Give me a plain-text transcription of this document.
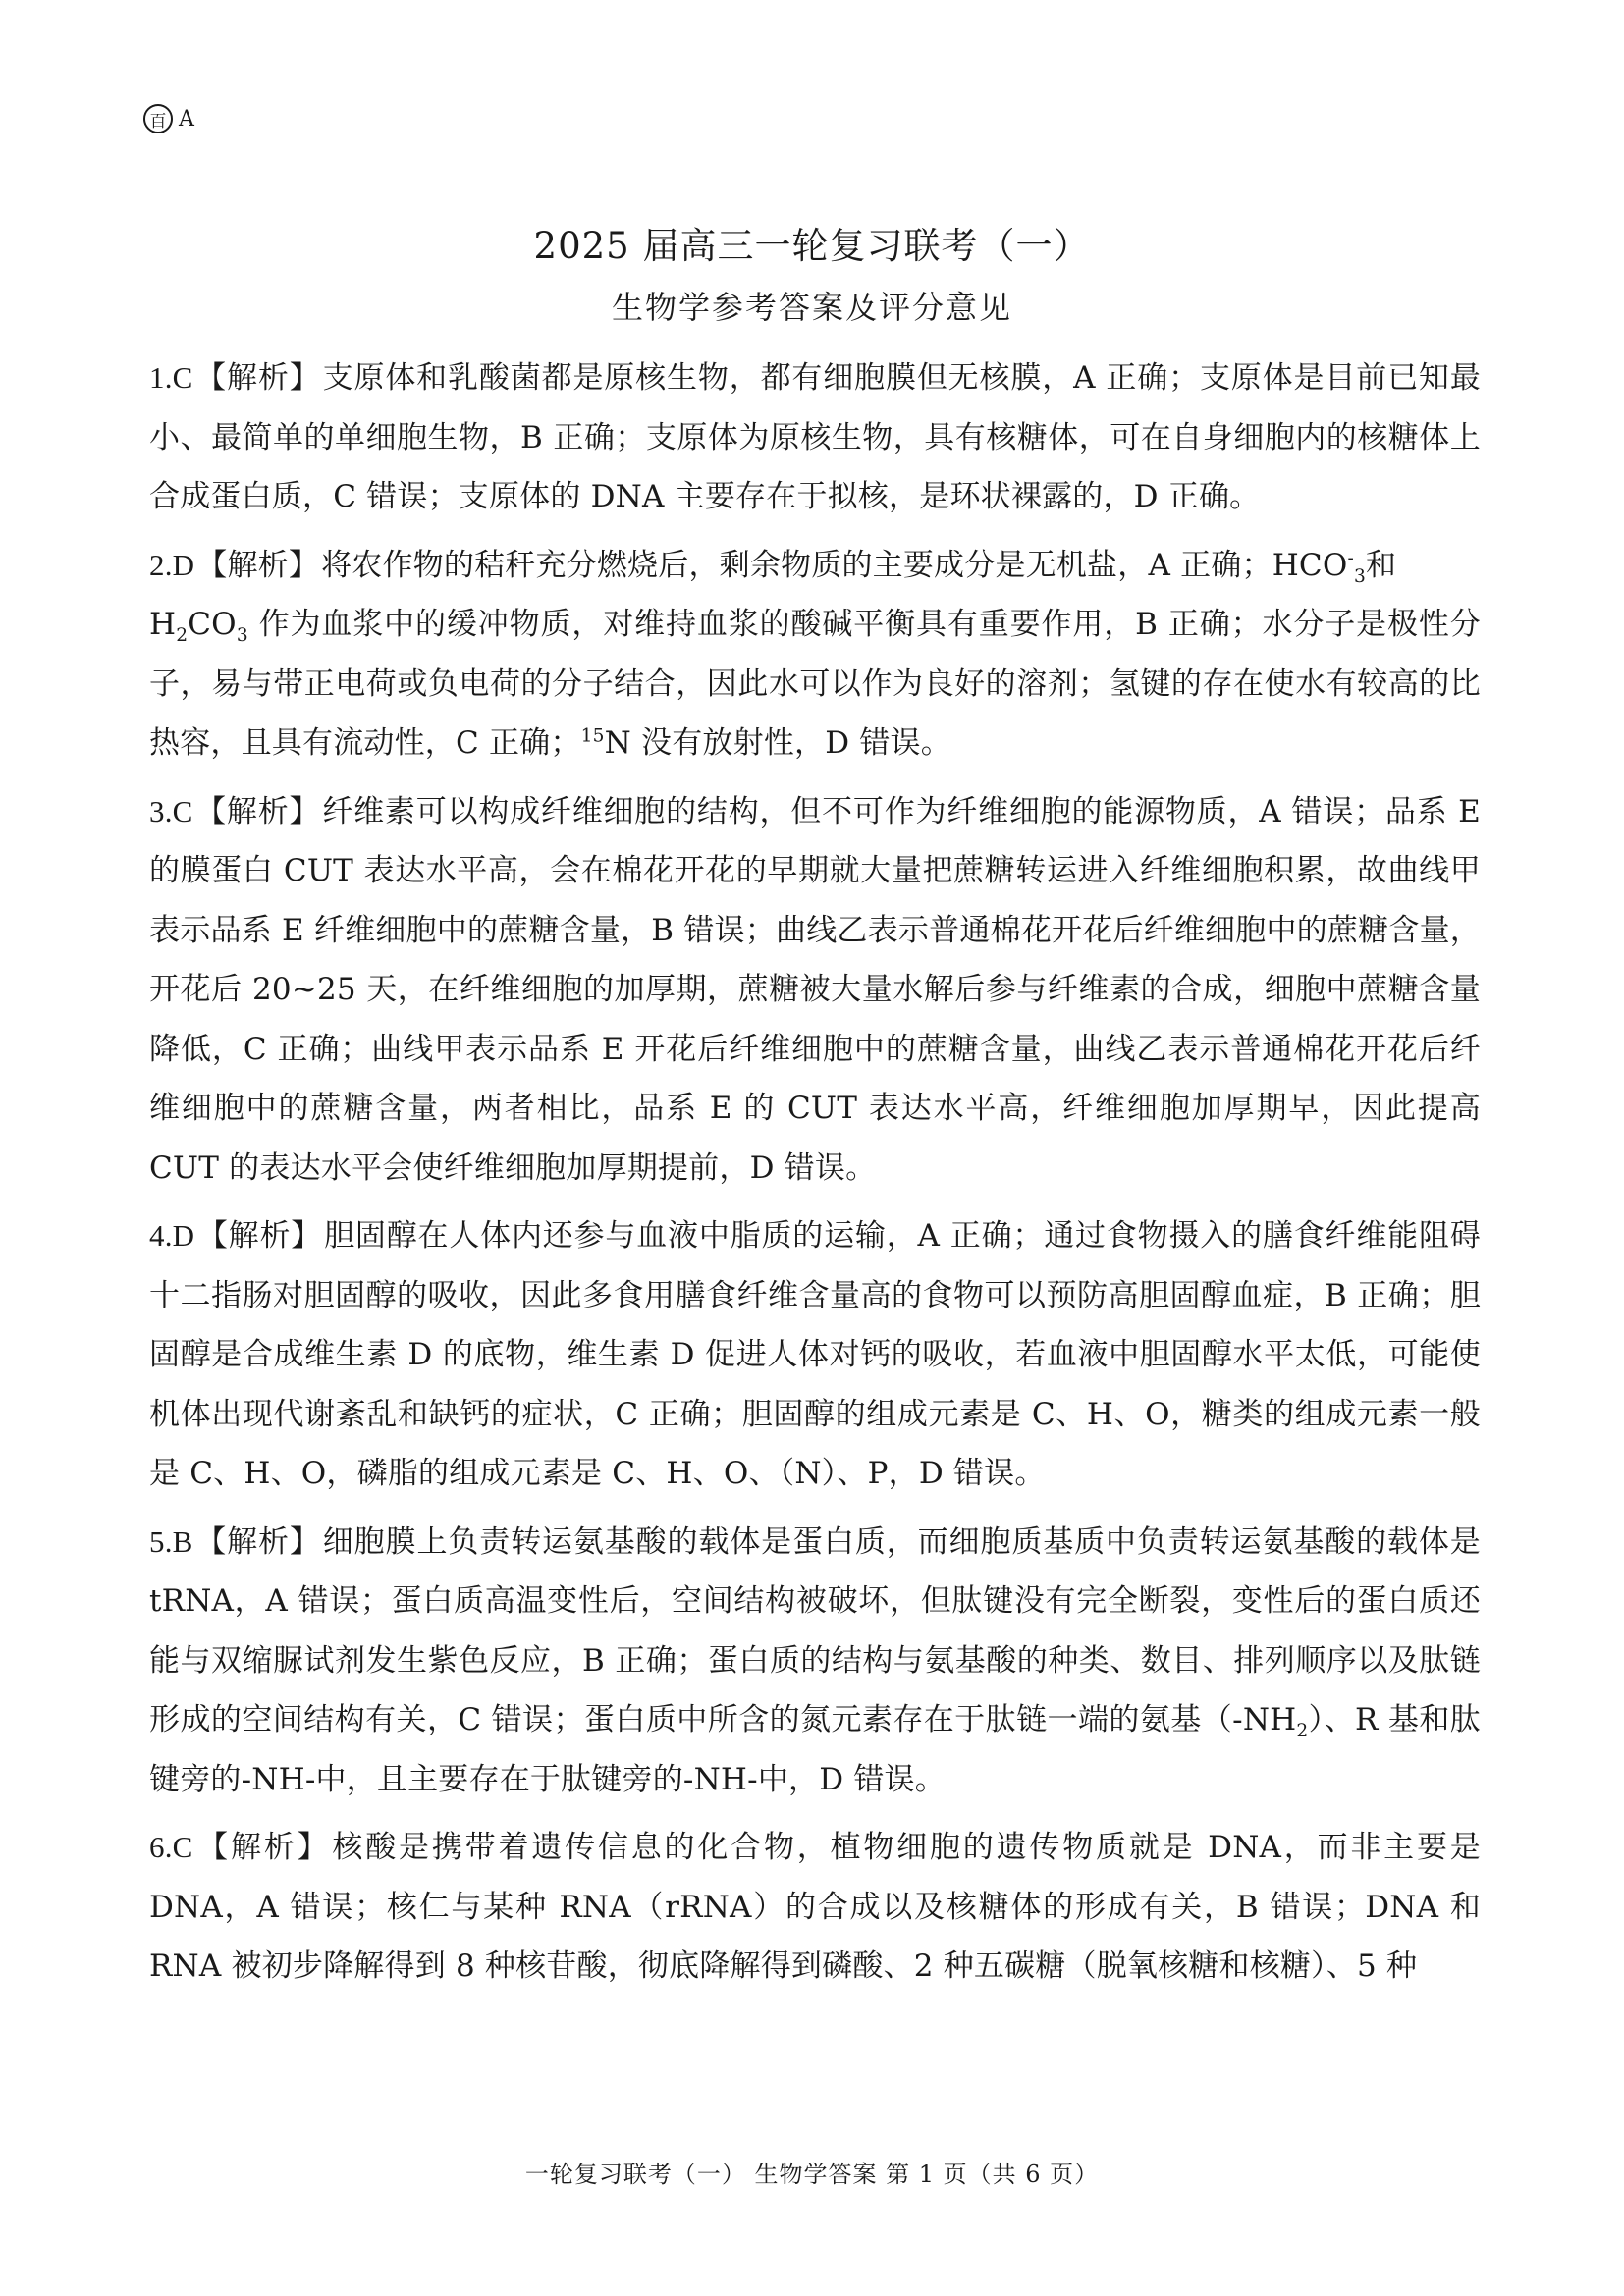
百 A
2025 届高三一轮复习联考（一）
生物学参考答案及评分意见

1.C【解析】支原体和乳酸菌都是原核生物，都有细胞膜但无核膜，A 正确；支原体是目前已知最小、最简单的单细胞生物，B 正确；支原体为原核生物，具有核糖体，可在自身细胞内的核糖体上合成蛋白质，C 错误；支原体的 DNA 主要存在于拟核，是环状裸露的，D 正确。

2.D【解析】将农作物的秸秆充分燃烧后，剩余物质的主要成分是无机盐，A 正确；$HCO^-_3$和
$H_2CO_3$ 作为血浆中的缓冲物质，对维持血浆的酸碱平衡具有重要作用，B 正确；水分子是极性分子，易与带正电荷或负电荷的分子结合，因此水可以作为良好的溶剂；氢键的存在使水有较高的比热容，且具有流动性，C 正确；$^{15}$N 没有放射性，D 错误。

3.C【解析】纤维素可以构成纤维细胞的结构，但不可作为纤维细胞的能源物质，A 错误；品系 E 的膜蛋白 CUT 表达水平高，会在棉花开花的早期就大量把蔗糖转运进入纤维细胞积累，故曲线甲表示品系 E 纤维细胞中的蔗糖含量，B 错误；曲线乙表示普通棉花开花后纤维细胞中的蔗糖含量，开花后 20~25 天，在纤维细胞的加厚期，蔗糖被大量水解后参与纤维素的合成，细胞中蔗糖含量降低，C 正确；曲线甲表示品系 E 开花后纤维细胞中的蔗糖含量，曲线乙表示普通棉花开花后纤维细胞中的蔗糖含量，两者相比，品系 E 的 CUT 表达水平高，纤维细胞加厚期早，因此提高 CUT 的表达水平会使纤维细胞加厚期提前，D 错误。

4.D【解析】胆固醇在人体内还参与血液中脂质的运输，A 正确；通过食物摄入的膳食纤维能阻碍十二指肠对胆固醇的吸收，因此多食用膳食纤维含量高的食物可以预防高胆固醇血症，B 正确；胆固醇是合成维生素 D 的底物，维生素 D 促进人体对钙的吸收，若血液中胆固醇水平太低，可能使机体出现代谢紊乱和缺钙的症状，C 正确；胆固醇的组成元素是 C、H、O，糖类的组成元素一般是 C、H、O，磷脂的组成元素是 C、H、O、（N）、P，D 错误。

5.B【解析】细胞膜上负责转运氨基酸的载体是蛋白质，而细胞质基质中负责转运氨基酸的载体是 tRNA，A 错误；蛋白质高温变性后，空间结构被破坏，但肽键没有完全断裂，变性后的蛋白质还能与双缩脲试剂发生紫色反应，B 正确；蛋白质的结构与氨基酸的种类、数目、排列顺序以及肽链形成的空间结构有关，C 错误；蛋白质中所含的氮元素存在于肽链一端的氨基$(-NH_2)$、R 基和肽键旁的-NH-中，且主要存在于肽键旁的-NH-中，D 错误。

6.C【解析】核酸是携带着遗传信息的化合物，植物细胞的遗传物质就是 DNA，而非主要是 DNA，A 错误；核仁与某种 RNA（rRNA）的合成以及核糖体的形成有关，B 错误；DNA 和 RNA 被初步降解得到 8 种核苷酸，彻底降解得到磷酸、2 种五碳糖（脱氧核糖和核糖）、5 种

一轮复习联考（一） 生物学答案 第 1 页（共 6 页）
